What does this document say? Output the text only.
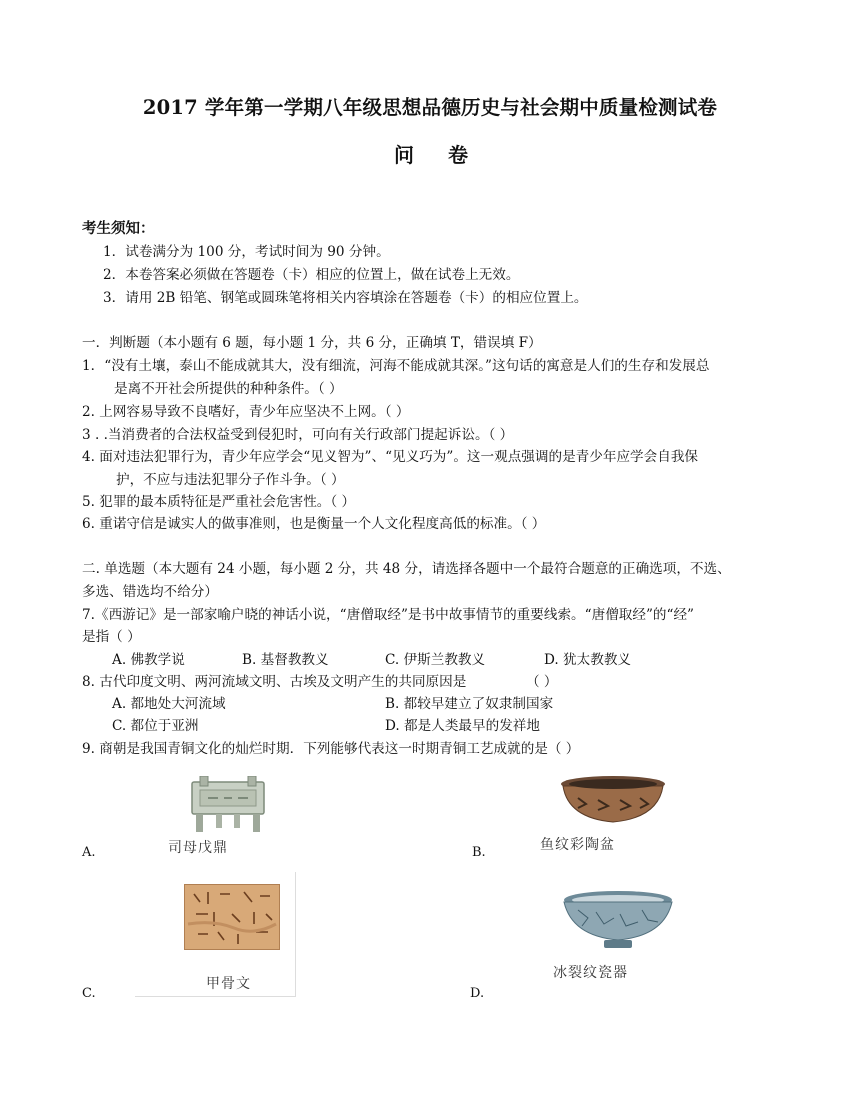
2017 学年第一学期八年级思想品德历史与社会期中质量检测试卷
问 卷
考生须知：
1．试卷满分为 100 分，考试时间为 90 分钟。
2．本卷答案必须做在答题卷（卡）相应的位置上，做在试卷上无效。
3．请用 2B 铅笔、钢笔或圆珠笔将相关内容填涂在答题卷（卡）的相应位置上。
一．判断题（本小题有 6 题，每小题 1 分，共 6 分，正确填 T，错误填 F）
1．“没有土壤，泰山不能成就其大，没有细流，河海不能成就其深。”这句话的寓意是人们的生存和发展总
是离不开社会所提供的种种条件。（ ）
2. 上网容易导致不良嗜好，青少年应坚决不上网。（ ）
3 . .当消费者的合法权益受到侵犯时，可向有关行政部门提起诉讼。（ ）
4. 面对违法犯罪行为，青少年应学会“见义智为”、“见义巧为”。这一观点强调的是青少年应学会自我保
护，不应与违法犯罪分子作斗争。（ ）
5. 犯罪的最本质特征是严重社会危害性。（ ）
6. 重诺守信是诚实人的做事准则，也是衡量一个人文化程度高低的标准。（ ）
二. 单选题（本大题有 24 小题，每小题 2 分，共 48 分，请选择各题中一个最符合题意的正确选项，不选、
多选、错选均不给分）
7.《西游记》是一部家喻户晓的神话小说，“唐僧取经”是书中故事情节的重要线索。“唐僧取经”的“经”
是指（ ）
A. 佛教学说	B. 基督教教义	C. 伊斯兰教教义	D. 犹太教教义
8. 古代印度文明、两河流域文明、古埃及文明产生的共同原因是	（ ）
A. 都地处大河流域	B. 都较早建立了奴隶制国家
C. 都位于亚洲	D. 都是人类最早的发祥地
9. 商朝是我国青铜文化的灿烂时期．下列能够代表这一时期青铜工艺成就的是（ ）
司母戊鼎
A.	鱼纹彩陶盆
B.
甲骨文
C.
冰裂纹瓷器
D.
